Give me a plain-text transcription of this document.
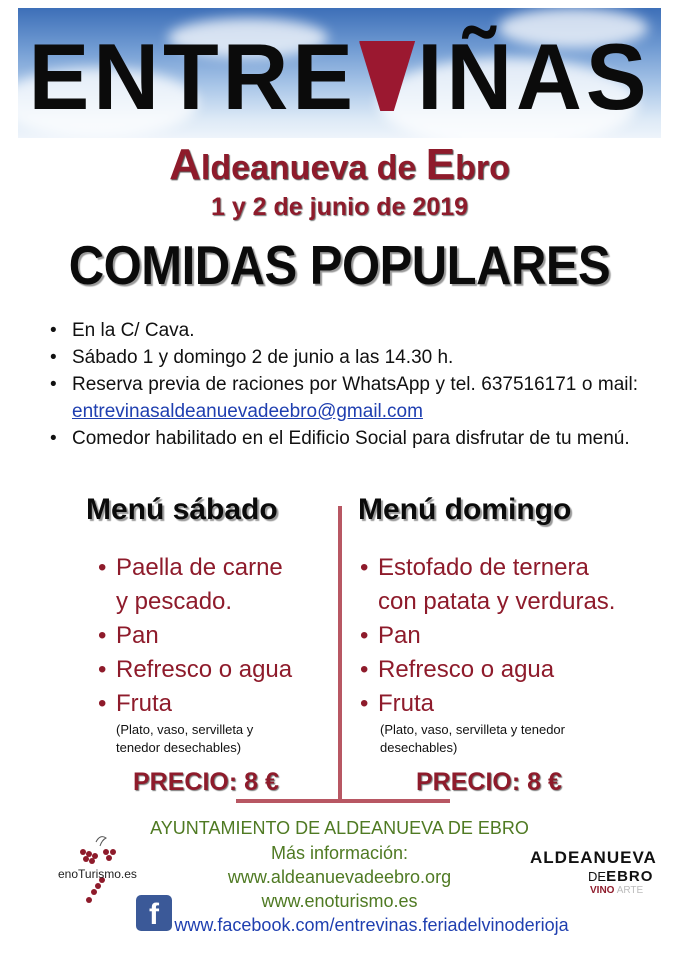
ENTRE IÑAS
Aldeanueva de Ebro
1 y 2 de junio de 2019
COMIDAS POPULARES
• En la C/ Cava.
• Sábado 1 y domingo 2 de junio a las 14.30 h.
• Reserva previa de raciones por WhatsApp y tel. 637516171 o mail: entrevinasaldeanuevadeebro@gmail.com
• Comedor habilitado en el Edificio Social para disfrutar de tu menú.
Menú sábado	Menú domingo
• Paella de carne
y pescado.
• Pan
• Refresco o agua
• Fruta
(Plato, vaso, servilleta y tenedor desechables)
• Estofado de ternera
con patata y verduras.
• Pan
• Refresco o agua
• Fruta
(Plato, vaso, servilleta y tenedor desechables)
PRECIO: 8 €	PRECIO: 8 €
AYUNTAMIENTO DE ALDEANUEVA DE EBRO
Más información:
www.aldeanuevadeebro.org
www.enoturismo.es
www.facebook.com/entrevinas.feriadelvinoderioja
enoTurismo.es
ALDEANUEVA
DEEBRO
VINO ARTE
f
